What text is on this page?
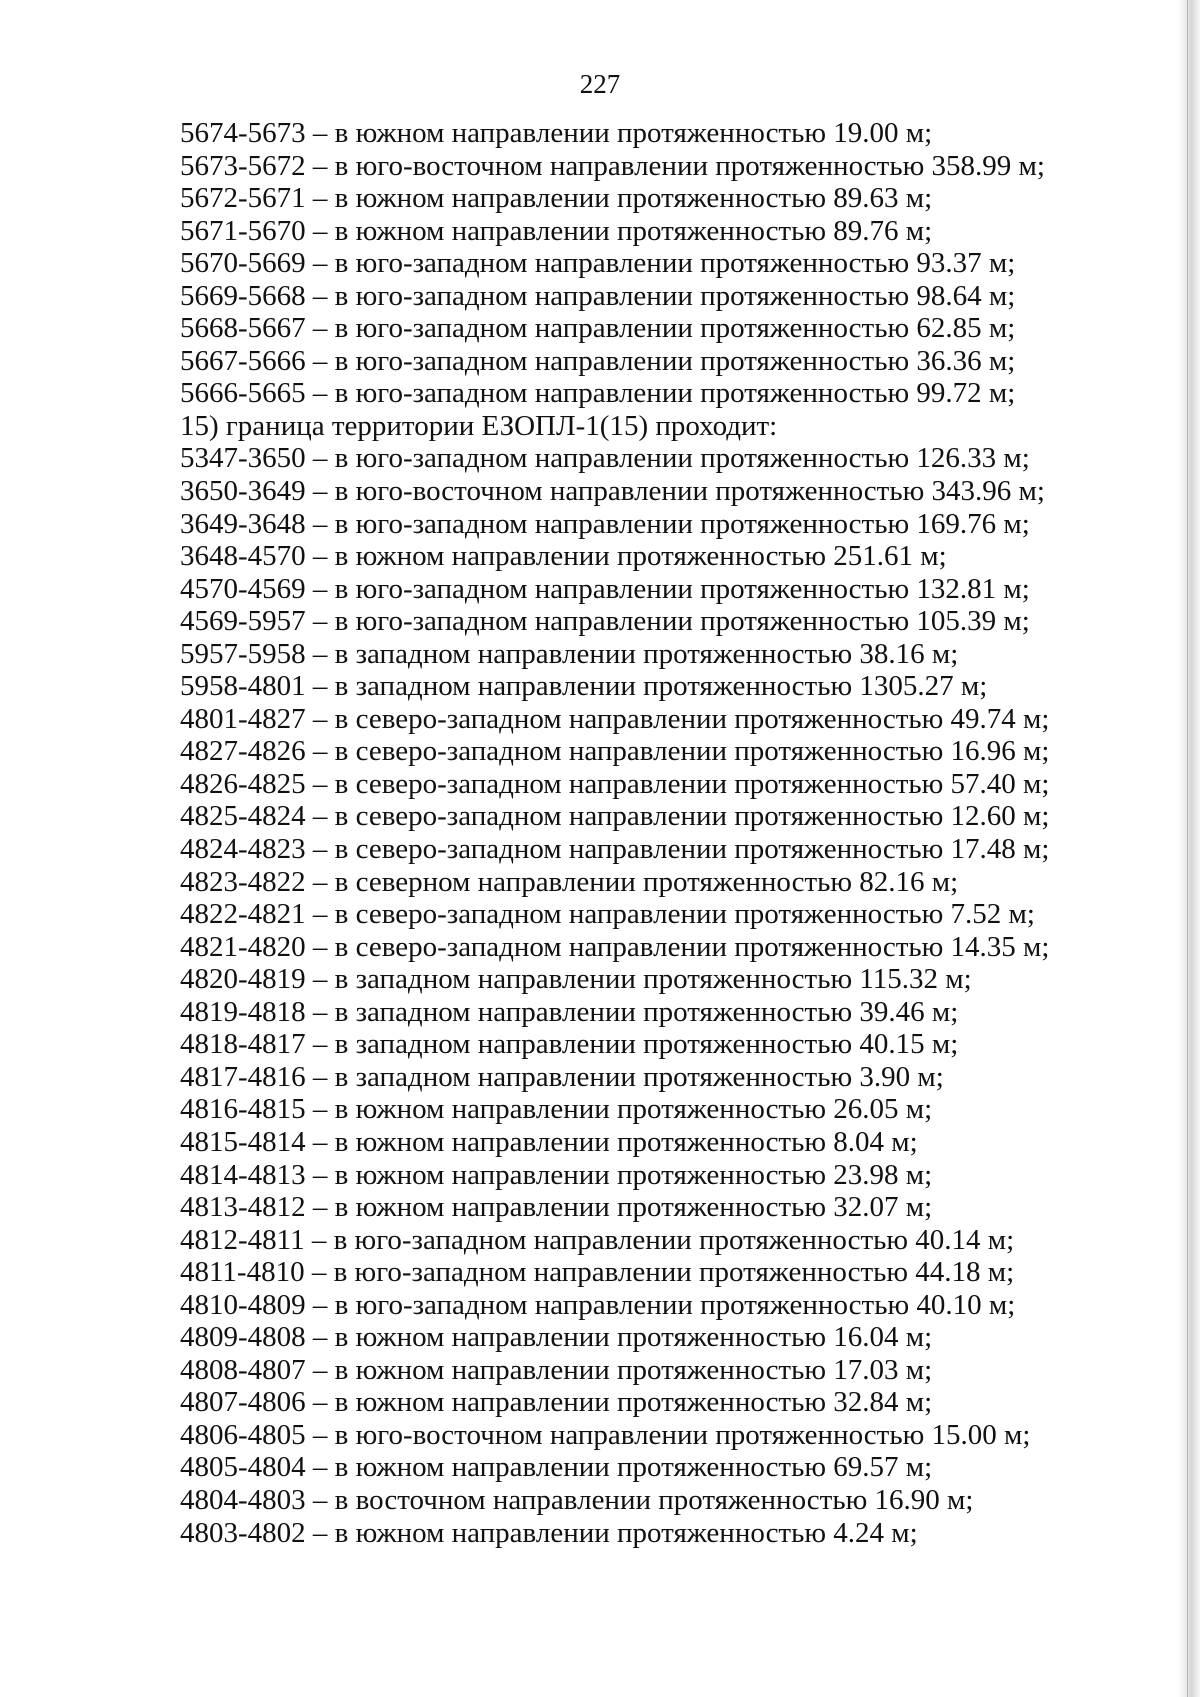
227
5674-5673 – в южном направлении протяженностью 19.00 м;
5673-5672 – в юго-восточном направлении протяженностью 358.99 м;
5672-5671 – в южном направлении протяженностью 89.63 м;
5671-5670 – в южном направлении протяженностью 89.76 м;
5670-5669 – в юго-западном направлении протяженностью 93.37 м;
5669-5668 – в юго-западном направлении протяженностью 98.64 м;
5668-5667 – в юго-западном направлении протяженностью 62.85 м;
5667-5666 – в юго-западном направлении протяженностью 36.36 м;
5666-5665 – в юго-западном направлении протяженностью 99.72 м;
15) граница территории ЕЗОПЛ-1(15) проходит:
5347-3650 – в юго-западном направлении протяженностью 126.33 м;
3650-3649 – в юго-восточном направлении протяженностью 343.96 м;
3649-3648 – в юго-западном направлении протяженностью 169.76 м;
3648-4570 – в южном направлении протяженностью 251.61 м;
4570-4569 – в юго-западном направлении протяженностью 132.81 м;
4569-5957 – в юго-западном направлении протяженностью 105.39 м;
5957-5958 – в западном направлении протяженностью 38.16 м;
5958-4801 – в западном направлении протяженностью 1305.27 м;
4801-4827 – в северо-западном направлении протяженностью 49.74 м;
4827-4826 – в северо-западном направлении протяженностью 16.96 м;
4826-4825 – в северо-западном направлении протяженностью 57.40 м;
4825-4824 – в северо-западном направлении протяженностью 12.60 м;
4824-4823 – в северо-западном направлении протяженностью 17.48 м;
4823-4822 – в северном направлении протяженностью 82.16 м;
4822-4821 – в северо-западном направлении протяженностью 7.52 м;
4821-4820 – в северо-западном направлении протяженностью 14.35 м;
4820-4819 – в западном направлении протяженностью 115.32 м;
4819-4818 – в западном направлении протяженностью 39.46 м;
4818-4817 – в западном направлении протяженностью 40.15 м;
4817-4816 – в западном направлении протяженностью 3.90 м;
4816-4815 – в южном направлении протяженностью 26.05 м;
4815-4814 – в южном направлении протяженностью 8.04 м;
4814-4813 – в южном направлении протяженностью 23.98 м;
4813-4812 – в южном направлении протяженностью 32.07 м;
4812-4811 – в юго-западном направлении протяженностью 40.14 м;
4811-4810 – в юго-западном направлении протяженностью 44.18 м;
4810-4809 – в юго-западном направлении протяженностью 40.10 м;
4809-4808 – в южном направлении протяженностью 16.04 м;
4808-4807 – в южном направлении протяженностью 17.03 м;
4807-4806 – в южном направлении протяженностью 32.84 м;
4806-4805 – в юго-восточном направлении протяженностью 15.00 м;
4805-4804 – в южном направлении протяженностью 69.57 м;
4804-4803 – в восточном направлении протяженностью 16.90 м;
4803-4802 – в южном направлении протяженностью 4.24 м;
